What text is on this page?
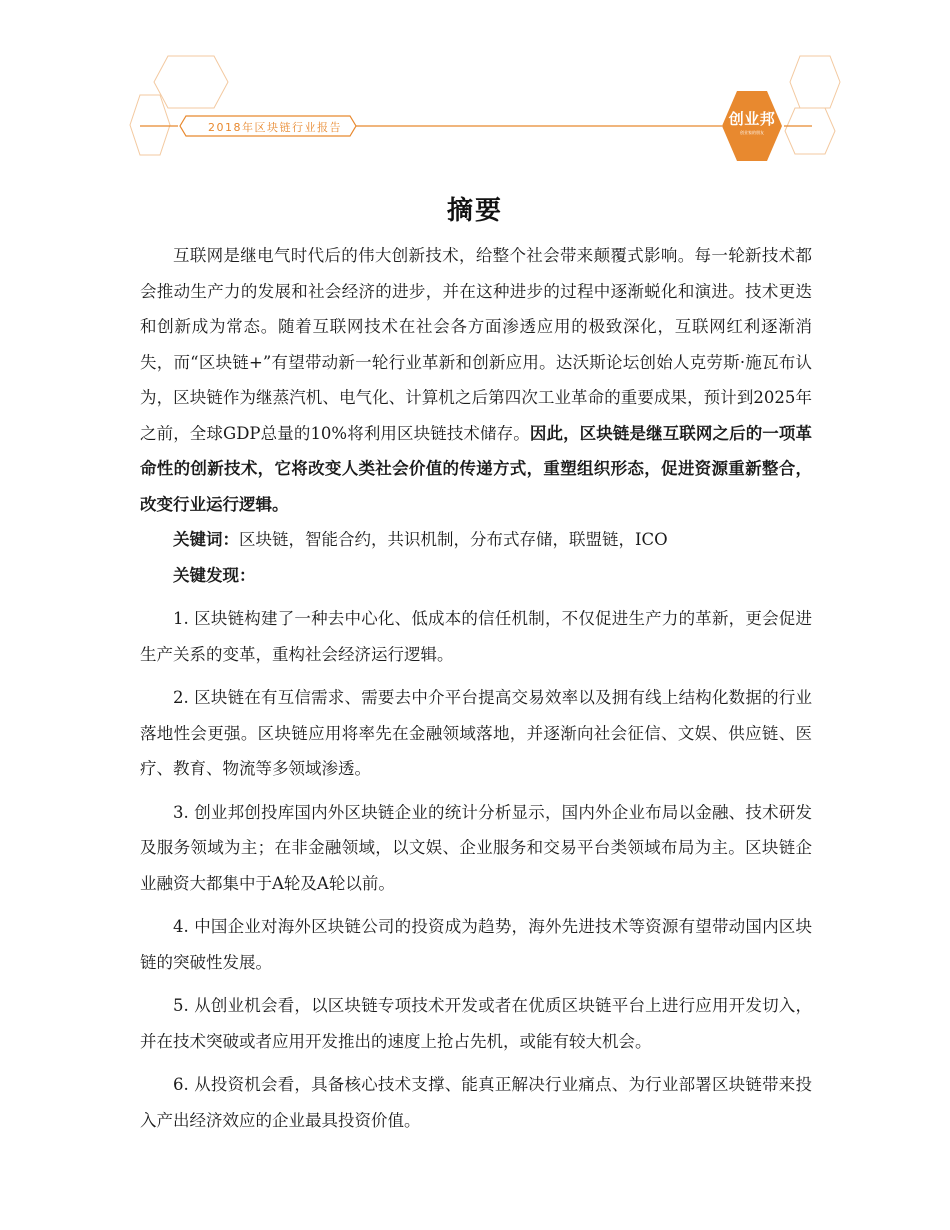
2018年区块链行业报告	创业邦
创业家的朋友
摘要

互联网是继电气时代后的伟大创新技术，给整个社会带来颠覆式影响。每一轮新技术都会推动生产力的发展和社会经济的进步，并在这种进步的过程中逐渐蜕化和演进。技术更迭和创新成为常态。随着互联网技术在社会各方面渗透应用的极致深化，互联网红利逐渐消失，而“区块链+”有望带动新一轮行业革新和创新应用。达沃斯论坛创始人克劳斯·施瓦布认为，区块链作为继蒸汽机、电气化、计算机之后第四次工业革命的重要成果，预计到2025年之前，全球GDP总量的10%将利用区块链技术储存。因此，区块链是继互联网之后的一项革命性的创新技术，它将改变人类社会价值的传递方式，重塑组织形态，促进资源重新整合，改变行业运行逻辑。

关键词：区块链，智能合约，共识机制，分布式存储，联盟链，ICO

关键发现：

1. 区块链构建了一种去中心化、低成本的信任机制，不仅促进生产力的革新，更会促进生产关系的变革，重构社会经济运行逻辑。

2. 区块链在有互信需求、需要去中介平台提高交易效率以及拥有线上结构化数据的行业落地性会更强。区块链应用将率先在金融领域落地，并逐渐向社会征信、文娱、供应链、医疗、教育、物流等多领域渗透。

3. 创业邦创投库国内外区块链企业的统计分析显示，国内外企业布局以金融、技术研发及服务领域为主；在非金融领域，以文娱、企业服务和交易平台类领域布局为主。区块链企业融资大都集中于A轮及A轮以前。

4. 中国企业对海外区块链公司的投资成为趋势，海外先进技术等资源有望带动国内区块链的突破性发展。

5. 从创业机会看，以区块链专项技术开发或者在优质区块链平台上进行应用开发切入，并在技术突破或者应用开发推出的速度上抢占先机，或能有较大机会。

6. 从投资机会看，具备核心技术支撑、能真正解决行业痛点、为行业部署区块链带来投入产出经济效应的企业最具投资价值。
